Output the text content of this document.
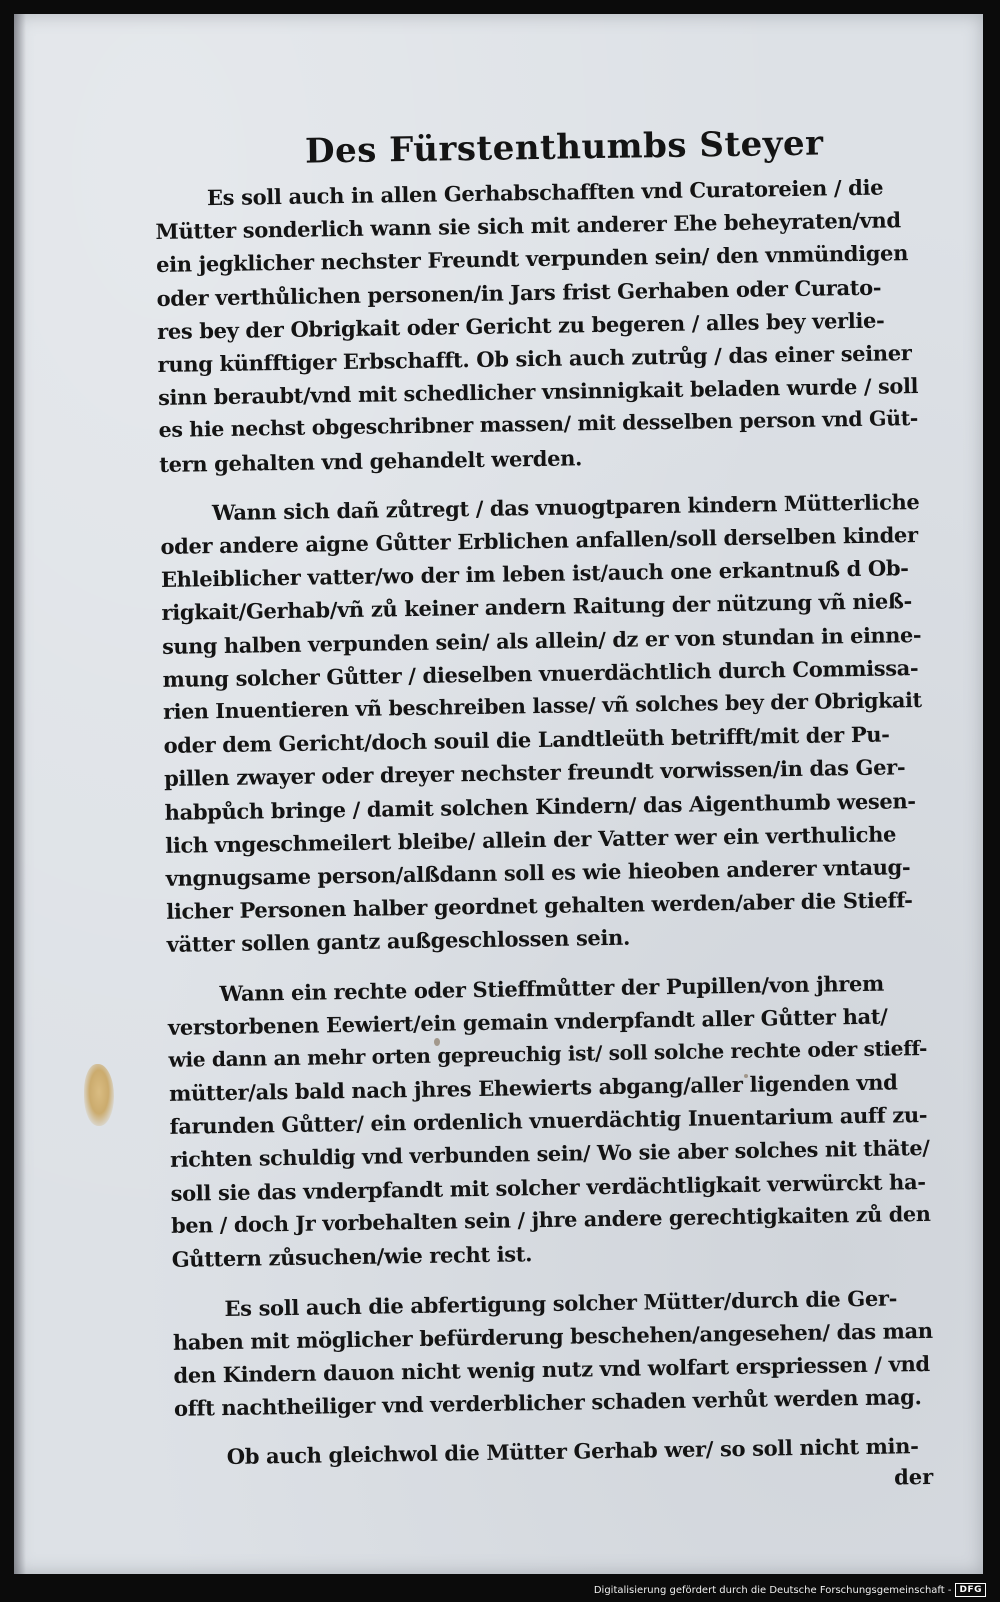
Des Fürstenthumbs Steyer
Es soll auch in allen Gerhabschafften vnd Curatoreien / die
Mütter sonderlich wann sie sich mit anderer Ehe beheyraten/vnd
ein jegklicher nechster Freundt verpunden sein/ den vnmündigen
oder verthůlichen personen/in Jars frist Gerhaben oder Curato-
res bey der Obrigkait oder Gericht zu begeren / alles bey verlie-
rung künfftiger Erbschafft. Ob sich auch zutrůg / das einer seiner
sinn beraubt/vnd mit schedlicher vnsinnigkait beladen wurde / soll
es hie nechst obgeschribner massen/ mit desselben person vnd Güt-
tern gehalten vnd gehandelt werden.
Wann sich dañ zůtregt / das vnuogtparen kindern Mütterliche
oder andere aigne Gůtter Erblichen anfallen/soll derselben kinder
Ehleiblicher vatter/wo der im leben ist/auch one erkantnuß d Ob-
rigkait/Gerhab/vñ zů keiner andern Raitung der nützung vñ nieß-
sung halben verpunden sein/ als allein/ dz er von stundan in einne-
mung solcher Gůtter / dieselben vnuerdächtlich durch Commissa-
rien Inuentieren vñ beschreiben lasse/ vñ solches bey der Obrigkait
oder dem Gericht/doch souil die Landtleüth betrifft/mit der Pu-
pillen zwayer oder dreyer nechster freundt vorwissen/in das Ger-
habpůch bringe / damit solchen Kindern/ das Aigenthumb wesen-
lich vngeschmeilert bleibe/ allein der Vatter wer ein verthuliche
vngnugsame person/alßdann soll es wie hieoben anderer vntaug-
licher Personen halber geordnet gehalten werden/aber die Stieff-
vätter sollen gantz außgeschlossen sein.
Wann ein rechte oder Stieffmůtter der Pupillen/von jhrem
verstorbenen Eewiert/ein gemain vnderpfandt aller Gůtter hat/
wie dann an mehr orten gepreuchig ist/ soll solche rechte oder stieff-
mütter/als bald nach jhres Ehewierts abgang/aller ligenden vnd
farunden Gůtter/ ein ordenlich vnuerdächtig Inuentarium auff zu-
richten schuldig vnd verbunden sein/ Wo sie aber solches nit thäte/
soll sie das vnderpfandt mit solcher verdächtligkait verwürckt ha-
ben / doch Jr vorbehalten sein / jhre andere gerechtigkaiten zů den
Gůttern zůsuchen/wie recht ist.
Es soll auch die abfertigung solcher Mütter/durch die Ger-
haben mit möglicher befürderung beschehen/angesehen/ das man
den Kindern dauon nicht wenig nutz vnd wolfart erspriessen / vnd
offt nachtheiliger vnd verderblicher schaden verhůt werden mag.
Ob auch gleichwol die Mütter Gerhab wer/ so soll nicht min-
der
Digitalisierung gefördert durch die Deutsche Forschungsgemeinschaft - DFG
